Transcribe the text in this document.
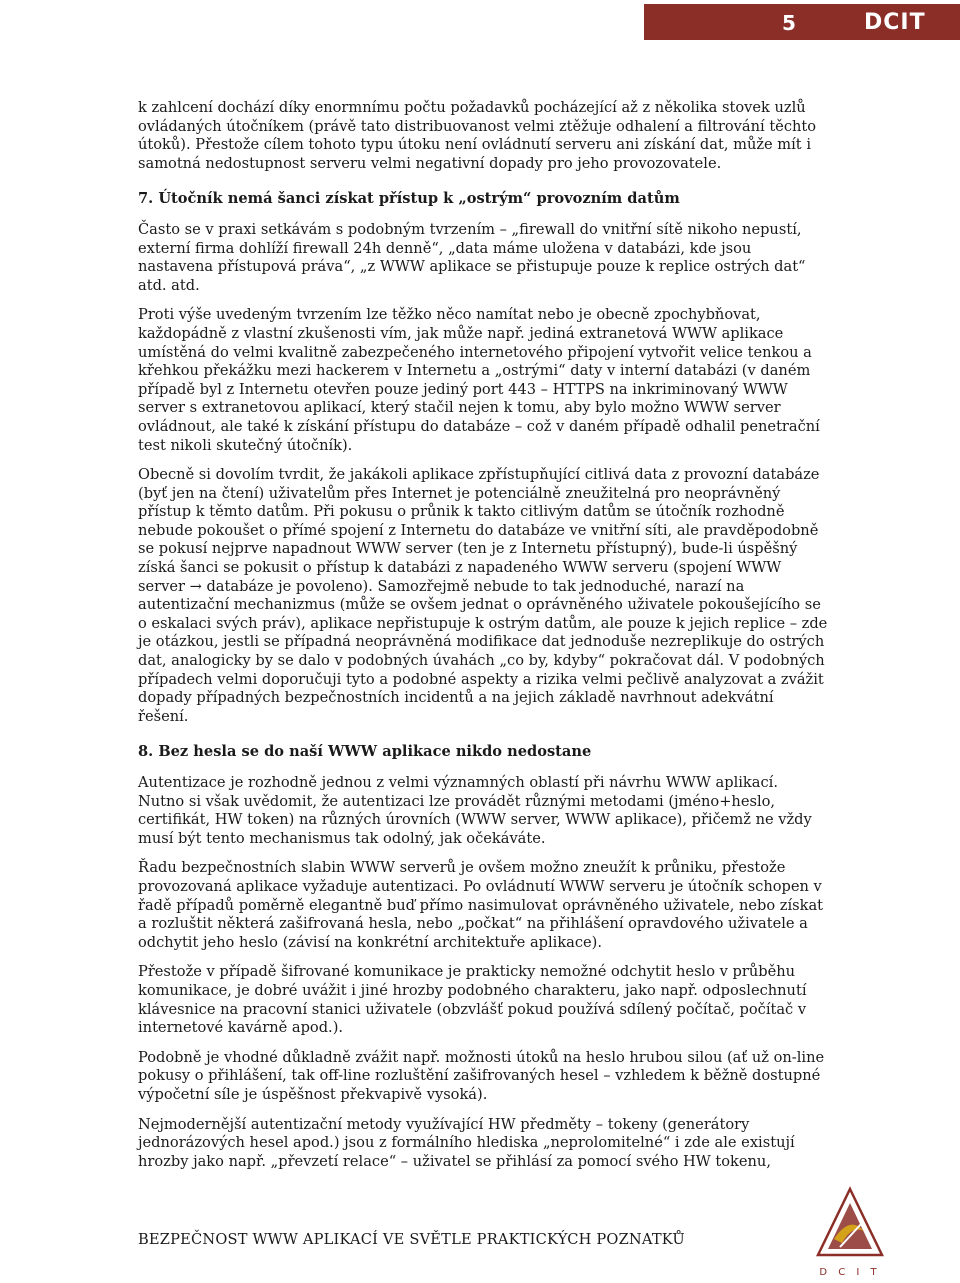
5	DCIT

k zahlcení dochází díky enormnímu počtu požadavků pocházející až z několika stovek uzlů ovládaných útočníkem (právě tato distribuovanost velmi ztěžuje odhalení a filtrování těchto útoků). Přestože cílem tohoto typu útoku není ovládnutí serveru ani získání dat, může mít i samotná nedostupnost serveru velmi negativní dopady pro jeho provozovatele.

7. Útočník nemá šanci získat přístup k „ostrým“ provozním datům

Často se v praxi setkávám s podobným tvrzením – „firewall do vnitřní sítě nikoho nepustí, externí firma dohlíží firewall 24h denně“, „data máme uložena v databázi, kde jsou nastavena přístupová práva“, „z WWW aplikace se přistupuje pouze k replice ostrých dat“ atd. atd.

Proti výše uvedeným tvrzením lze těžko něco namítat nebo je obecně zpochybňovat, každopádně z vlastní zkušenosti vím, jak může např. jediná extranetová WWW aplikace umístěná do velmi kvalitně zabezpečeného internetového připojení vytvořit velice tenkou a křehkou překážku mezi hackerem v Internetu a „ostrými“ daty v interní databázi (v daném případě byl z Internetu otevřen pouze jediný port 443 – HTTPS na inkriminovaný WWW server s extranetovou aplikací, který stačil nejen k tomu, aby bylo možno WWW server ovládnout, ale také k získání přístupu do databáze – což v daném případě odhalil penetrační test nikoli skutečný útočník).

Obecně si dovolím tvrdit, že jakákoli aplikace zpřístupňující citlivá data z provozní databáze (byť jen na čtení) uživatelům přes Internet je potenciálně zneužitelná pro neoprávněný přístup k těmto datům. Při pokusu o průnik k takto citlivým datům se útočník rozhodně nebude pokoušet o přímé spojení z Internetu do databáze ve vnitřní síti, ale pravděpodobně se pokusí nejprve napadnout WWW server (ten je z Internetu přístupný), bude-li úspěšný získá šanci se pokusit o přístup k databázi z napadeného WWW serveru (spojení WWW server → databáze je povoleno). Samozřejmě nebude to tak jednoduché, narazí na autentizační mechanizmus (může se ovšem jednat o oprávněného uživatele pokoušejícího se o eskalaci svých práv), aplikace nepřistupuje k ostrým datům, ale pouze k jejich replice – zde je otázkou, jestli se případná neoprávněná modifikace dat jednoduše nezreplikuje do ostrých dat, analogicky by se dalo v podobných úvahách „co by, kdyby“ pokračovat dál. V podobných případech velmi doporučuji tyto a podobné aspekty a rizika velmi pečlivě analyzovat a zvážit dopady případných bezpečnostních incidentů a na jejich základě navrhnout adekvátní řešení.

8. Bez hesla se do naší WWW aplikace nikdo nedostane

Autentizace je rozhodně jednou z velmi významných oblastí při návrhu WWW aplikací. Nutno si však uvědomit, že autentizaci lze provádět různými metodami (jméno+heslo, certifikát, HW token) na různých úrovních (WWW server, WWW aplikace), přičemž ne vždy musí být tento mechanismus tak odolný, jak očekáváte.

Řadu bezpečnostních slabin WWW serverů je ovšem možno zneužít k průniku, přestože provozovaná aplikace vyžaduje autentizaci. Po ovládnutí WWW serveru je útočník schopen v řadě případů poměrně elegantně buď přímo nasimulovat oprávněného uživatele, nebo získat a rozluštit některá zašifrovaná hesla, nebo „počkat“ na přihlášení opravdového uživatele a odchytit jeho heslo (závisí na konkrétní architektuře aplikace).

Přestože v případě šifrované komunikace je prakticky nemožné odchytit heslo v průběhu komunikace, je dobré uvážit i jiné hrozby podobného charakteru, jako např. odposlechnutí klávesnice na pracovní stanici uživatele (obzvlášť pokud používá sdílený počítač, počítač v internetové kavárně apod.).

Podobně je vhodné důkladně zvážit např. možnosti útoků na heslo hrubou silou (ať už on-line pokusy o přihlášení, tak off-line rozluštění zašifrovaných hesel – vzhledem k běžně dostupné výpočetní síle je úspěšnost překvapivě vysoká).

Nejmodernější autentizační metody využívající HW předměty – tokeny (generátory jednorázových hesel apod.) jsou z formálního hlediska „neprolomitelné“ i zde ale existují hrozby jako např. „převzetí relace“ – uživatel se přihlásí za pomocí svého HW tokenu,

BEZPEČNOST WWW APLIKACÍ VE SVĚTLE PRAKTICKÝCH POZNATKŮ
D C I T
